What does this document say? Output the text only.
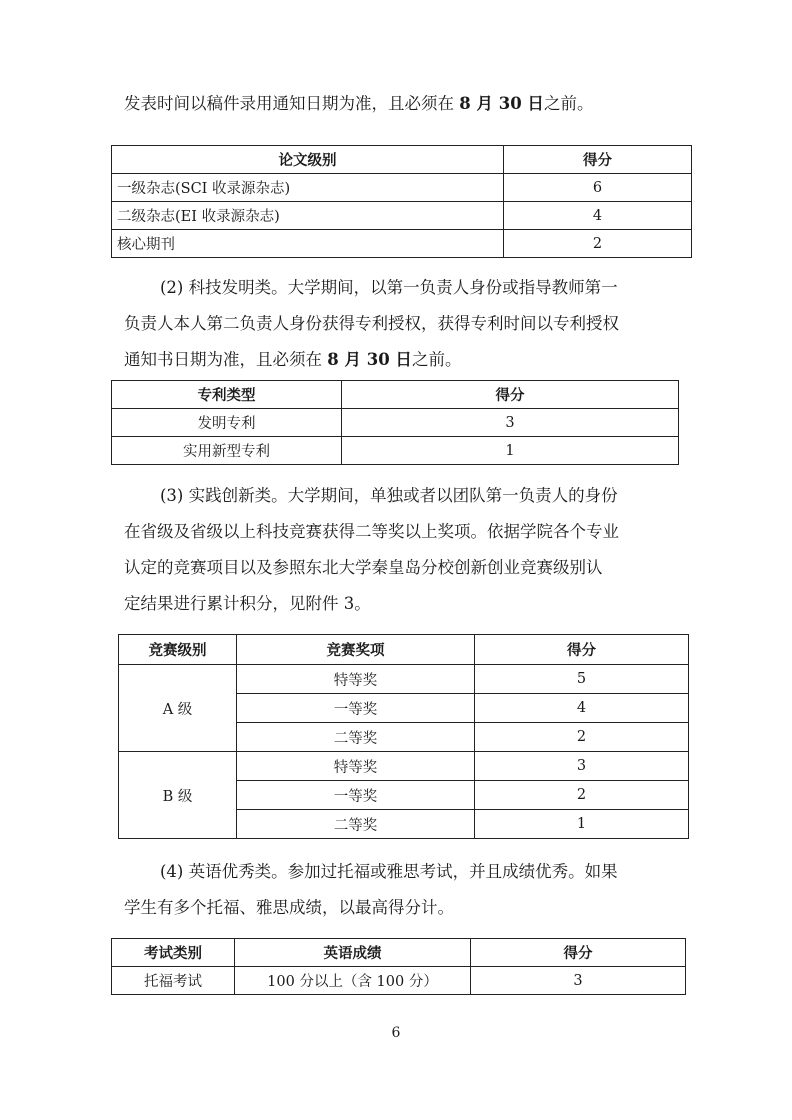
发表时间以稿件录用通知日期为准，且必须在 8 月 30 日之前。
论文级别	得分
一级杂志(SCI 收录源杂志)	6
二级杂志(EI 收录源杂志)	4
核心期刊	2
(2) 科技发明类。大学期间，以第一负责人身份或指导教师第一
负责人本人第二负责人身份获得专利授权，获得专利时间以专利授权
通知书日期为准，且必须在 8 月 30 日之前。
专利类型	得分
发明专利	3
实用新型专利	1
(3) 实践创新类。大学期间，单独或者以团队第一负责人的身份
在省级及省级以上科技竞赛获得二等奖以上奖项。依据学院各个专业
认定的竞赛项目以及参照东北大学秦皇岛分校创新创业竞赛级别认
定结果进行累计积分，见附件 3。
竞赛级别	竞赛奖项	得分
A 级	特等奖	5
	一等奖	4
	二等奖	2
B 级	特等奖	3
	一等奖	2
	二等奖	1
(4) 英语优秀类。参加过托福或雅思考试，并且成绩优秀。如果
学生有多个托福、雅思成绩，以最高得分计。
考试类别	英语成绩	得分
托福考试	100 分以上（含 100 分）	3
6
